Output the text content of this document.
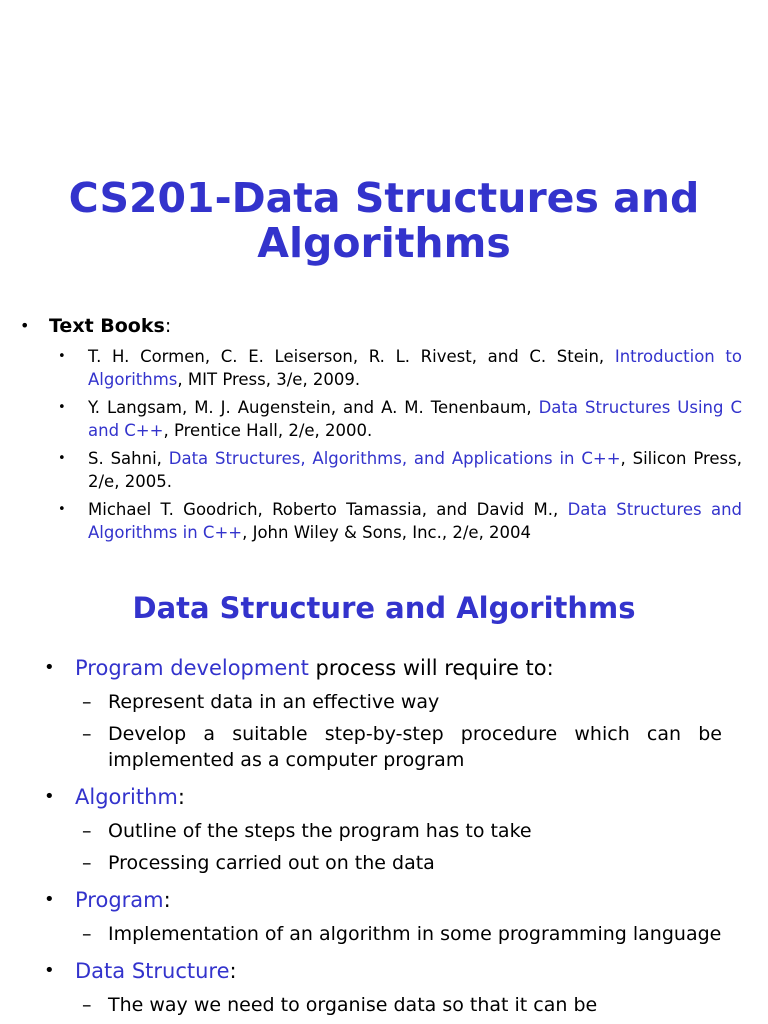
CS201-Data Structures and
Algorithms
• Text Books:
• T. H. Cormen, C. E. Leiserson, R. L. Rivest, and C. Stein, Introduction to Algorithms, MIT Press, 3/e, 2009.
• Y. Langsam, M. J. Augenstein, and A. M. Tenenbaum, Data Structures Using C and C++, Prentice Hall, 2/e, 2000.
• S. Sahni, Data Structures, Algorithms, and Applications in C++, Silicon Press, 2/e, 2005.
• Michael T. Goodrich, Roberto Tamassia, and David M., Data Structures and Algorithms in C++, John Wiley & Sons, Inc., 2/e, 2004
Data Structure and Algorithms
• Program development process will require to:
– Represent data in an effective way
– Develop a suitable step-by-step procedure which can be implemented as a computer program
• Algorithm:
– Outline of the steps the program has to take
– Processing carried out on the data
• Program:
– Implementation of an algorithm in some programming language
• Data Structure:
– The way we need to organise data so that it can be
